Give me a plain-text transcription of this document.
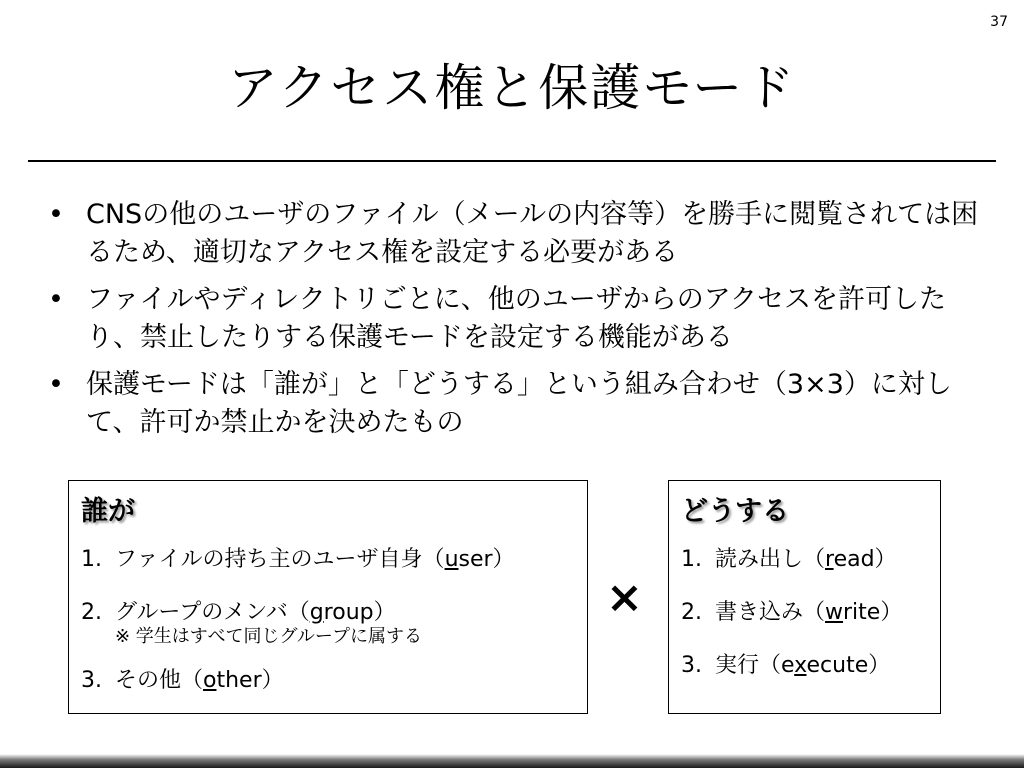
37
アクセス権と保護モード
• CNSの他のユーザのファイル（メールの内容等）を勝手に閲覧されては困るため、適切なアクセス権を設定する必要がある
• ファイルやディレクトリごとに、他のユーザからのアクセスを許可したり、禁止したりする保護モードを設定する機能がある
• 保護モードは「誰が」と「どうする」という組み合わせ（3×3）に対して、許可か禁止かを決めたもの
誰が
1. ファイルの持ち主のユーザ自身（user）
2. グループのメンバ（group）
※ 学生はすべて同じグループに属する
3. その他（other）
×
どうする
1. 読み出し（read）
2. 書き込み（write）
3. 実行（execute）
